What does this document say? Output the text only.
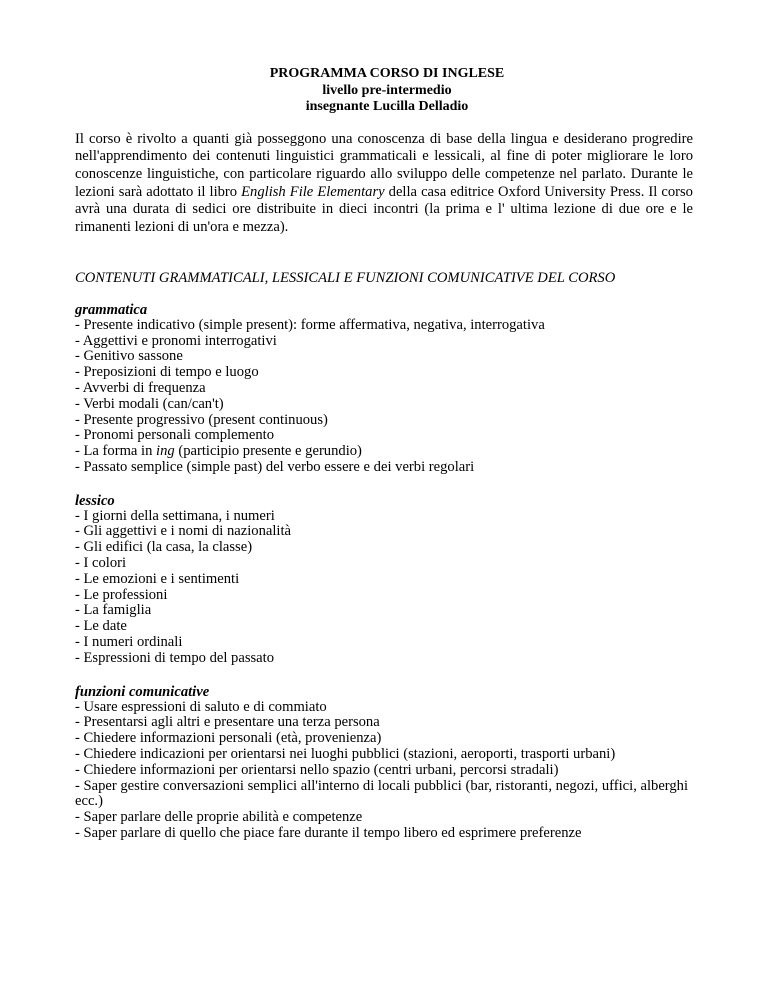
PROGRAMMA CORSO DI INGLESE
livello pre-intermedio
insegnante Lucilla Delladio
Il corso è rivolto a quanti già posseggono una conoscenza di base della lingua e desiderano progredire nell'apprendimento dei contenuti linguistici grammaticali e lessicali, al fine di poter migliorare le loro conoscenze linguistiche, con particolare riguardo allo sviluppo delle competenze nel parlato. Durante le lezioni sarà adottato il libro English File Elementary della casa editrice Oxford University Press. Il corso avrà una durata di sedici ore distribuite in dieci incontri (la prima e l' ultima lezione di due ore e le rimanenti lezioni di un'ora e mezza).
CONTENUTI GRAMMATICALI, LESSICALI E FUNZIONI COMUNICATIVE DEL CORSO
grammatica
- Presente indicativo (simple present): forme affermativa, negativa, interrogativa
- Aggettivi e pronomi interrogativi
- Genitivo sassone
- Preposizioni di tempo e luogo
- Avverbi di frequenza
- Verbi modali (can/can't)
- Presente progressivo (present continuous)
- Pronomi personali complemento
- La forma in ing (participio presente e gerundio)
- Passato semplice (simple past) del verbo essere e dei verbi regolari
lessico
- I giorni della settimana, i numeri
- Gli aggettivi e i nomi di nazionalità
- Gli edifici (la casa, la classe)
- I colori
- Le emozioni e i sentimenti
- Le professioni
- La famiglia
- Le date
- I numeri ordinali
- Espressioni di tempo del passato
funzioni comunicative
- Usare espressioni di saluto e di commiato
- Presentarsi agli altri e presentare una terza persona
- Chiedere informazioni personali (età, provenienza)
- Chiedere indicazioni per orientarsi nei luoghi pubblici (stazioni, aeroporti, trasporti urbani)
- Chiedere informazioni per orientarsi nello spazio (centri urbani, percorsi stradali)
- Saper gestire conversazioni semplici all'interno di locali pubblici (bar, ristoranti, negozi, uffici, alberghi ecc.)
- Saper parlare delle proprie abilità e competenze
- Saper parlare di quello che piace fare durante il tempo libero ed esprimere preferenze
